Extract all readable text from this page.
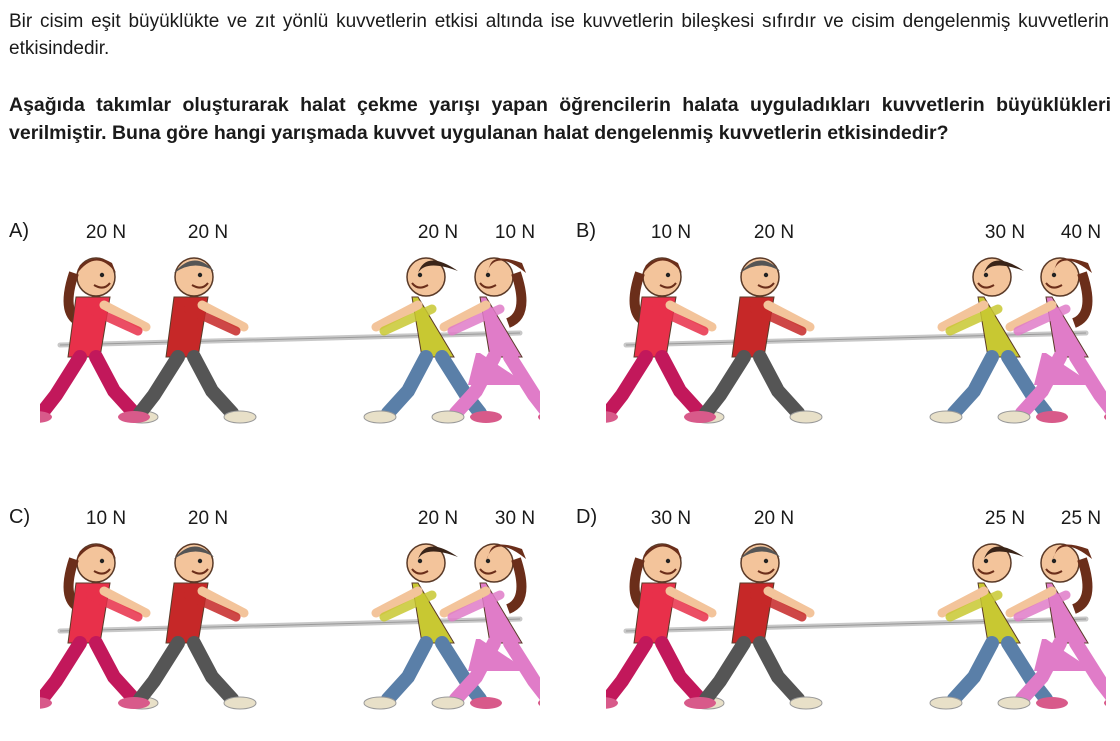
Bir cisim eşit büyüklükte ve zıt yönlü kuvvetlerin etkisi altında ise kuvvetlerin bileşkesi sıfırdır ve cisim dengelenmiş kuvvetlerin etkisindedir.

Aşağıda takımlar oluşturarak halat çekme yarışı yapan öğrencilerin halata uyguladıkları kuvvetlerin büyüklükleri verilmiştir. Buna göre hangi yarışmada kuvvet uygulanan halat dengelenmiş kuvvetlerin etkisindedir?

A)	20 N	20 N	20 N	10 N	B)	10 N	20 N	30 N	40 N
C)	10 N	20 N	20 N	30 N	D)	30 N	20 N	25 N	25 N
